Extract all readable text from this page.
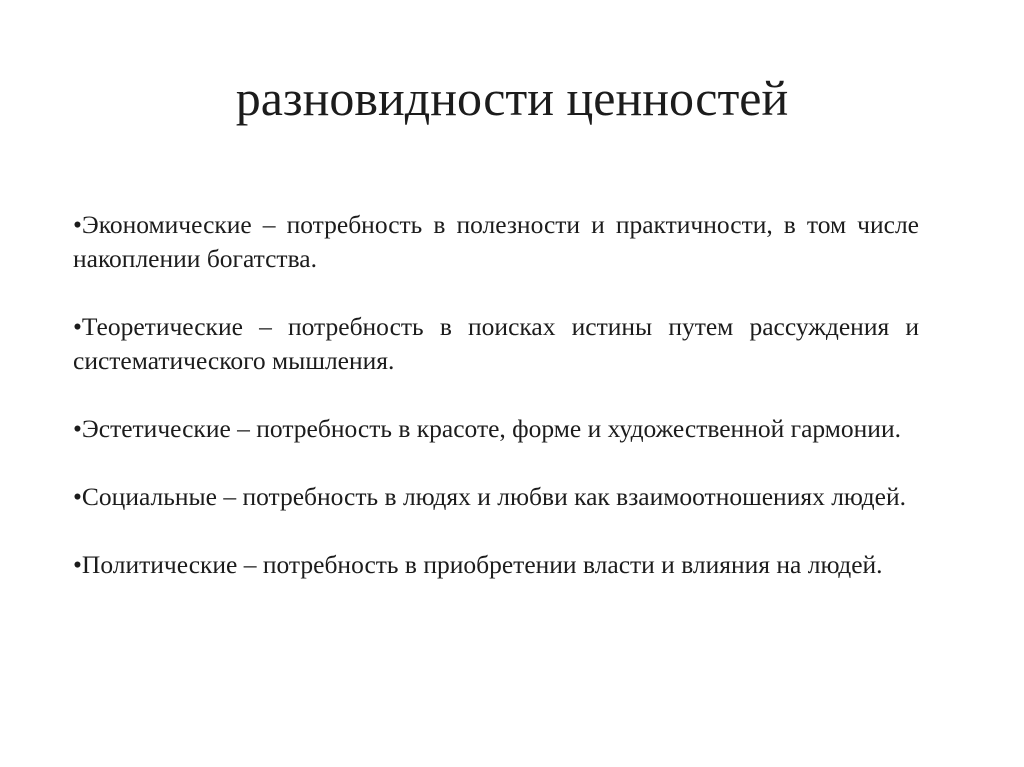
разновидности ценностей
•Экономические – потребность в полезности и практичности, в том числе накоплении богатства.
•Теоретические – потребность в поисках истины путем рассуждения и систематического мышления.
•Эстетические – потребность в красоте, форме и художественной гармонии.
•Социальные – потребность в людях и любви как взаимоотношениях людей.
•Политические – потребность в приобретении власти и влияния на людей.
